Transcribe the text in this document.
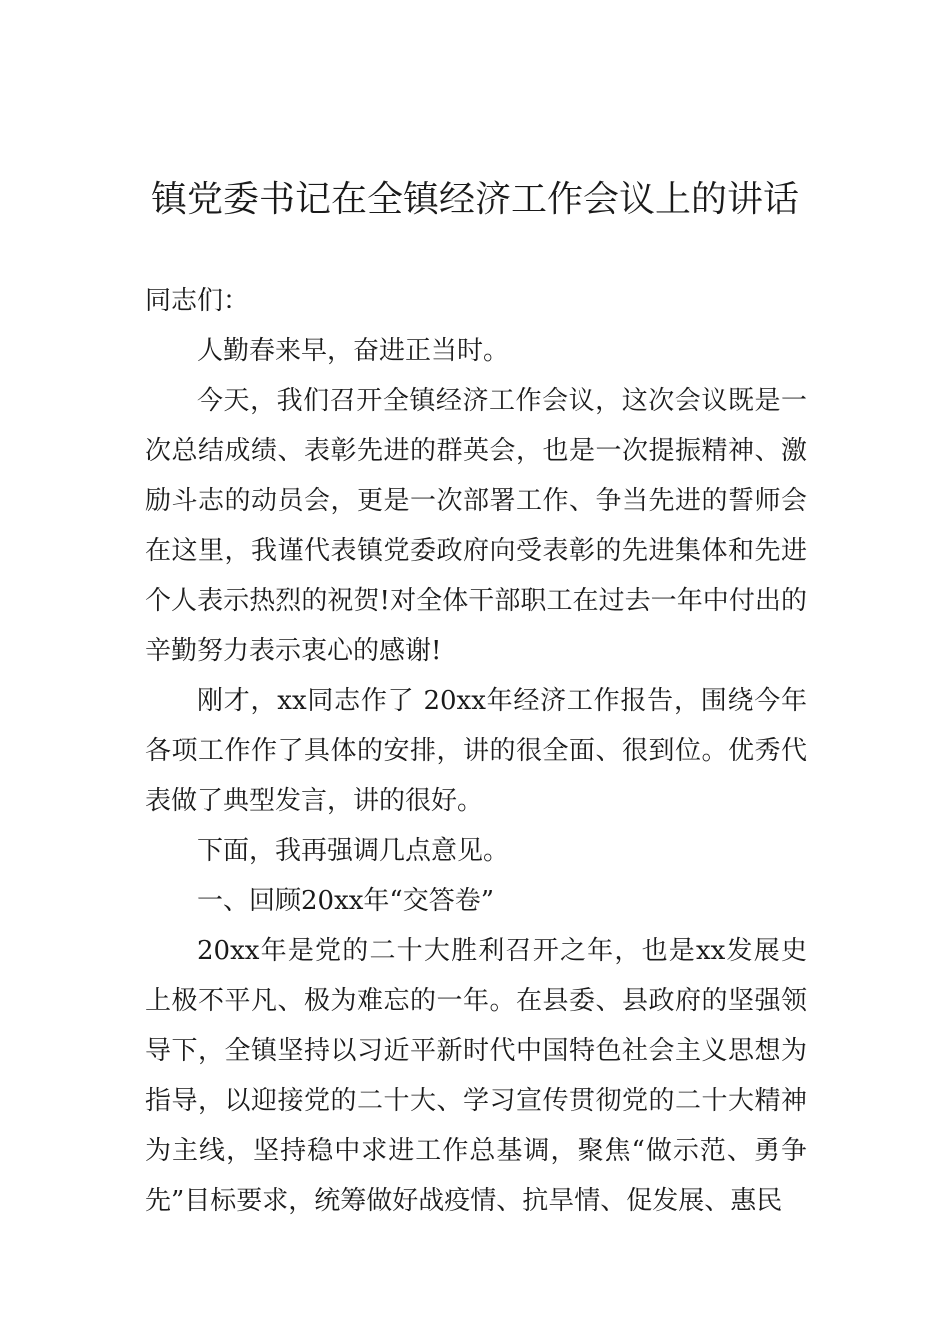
镇党委书记在全镇经济工作会议上的讲话

同志们：

人勤春来早，奋进正当时。

今天，我们召开全镇经济工作会议，这次会议既是一次总结成绩、表彰先进的群英会，也是一次提振精神、激励斗志的动员会，更是一次部署工作、争当先进的誓师会在这里，我谨代表镇党委政府向受表彰的先进集体和先进个人表示热烈的祝贺!对全体干部职工在过去一年中付出的辛勤努力表示衷心的感谢!

刚才，xx同志作了 20xx年经济工作报告，围绕今年各项工作作了具体的安排，讲的很全面、很到位。优秀代表做了典型发言，讲的很好。

下面，我再强调几点意见。

一、回顾20xx年“交答卷”

20xx年是党的二十大胜利召开之年，也是xx发展史上极不平凡、极为难忘的一年。在县委、县政府的坚强领导下，全镇坚持以习近平新时代中国特色社会主义思想为指导，以迎接党的二十大、学习宣传贯彻党的二十大精神为主线，坚持稳中求进工作总基调，聚焦“做示范、勇争先”目标要求，统筹做好战疫情、抗旱情、促发展、惠民
